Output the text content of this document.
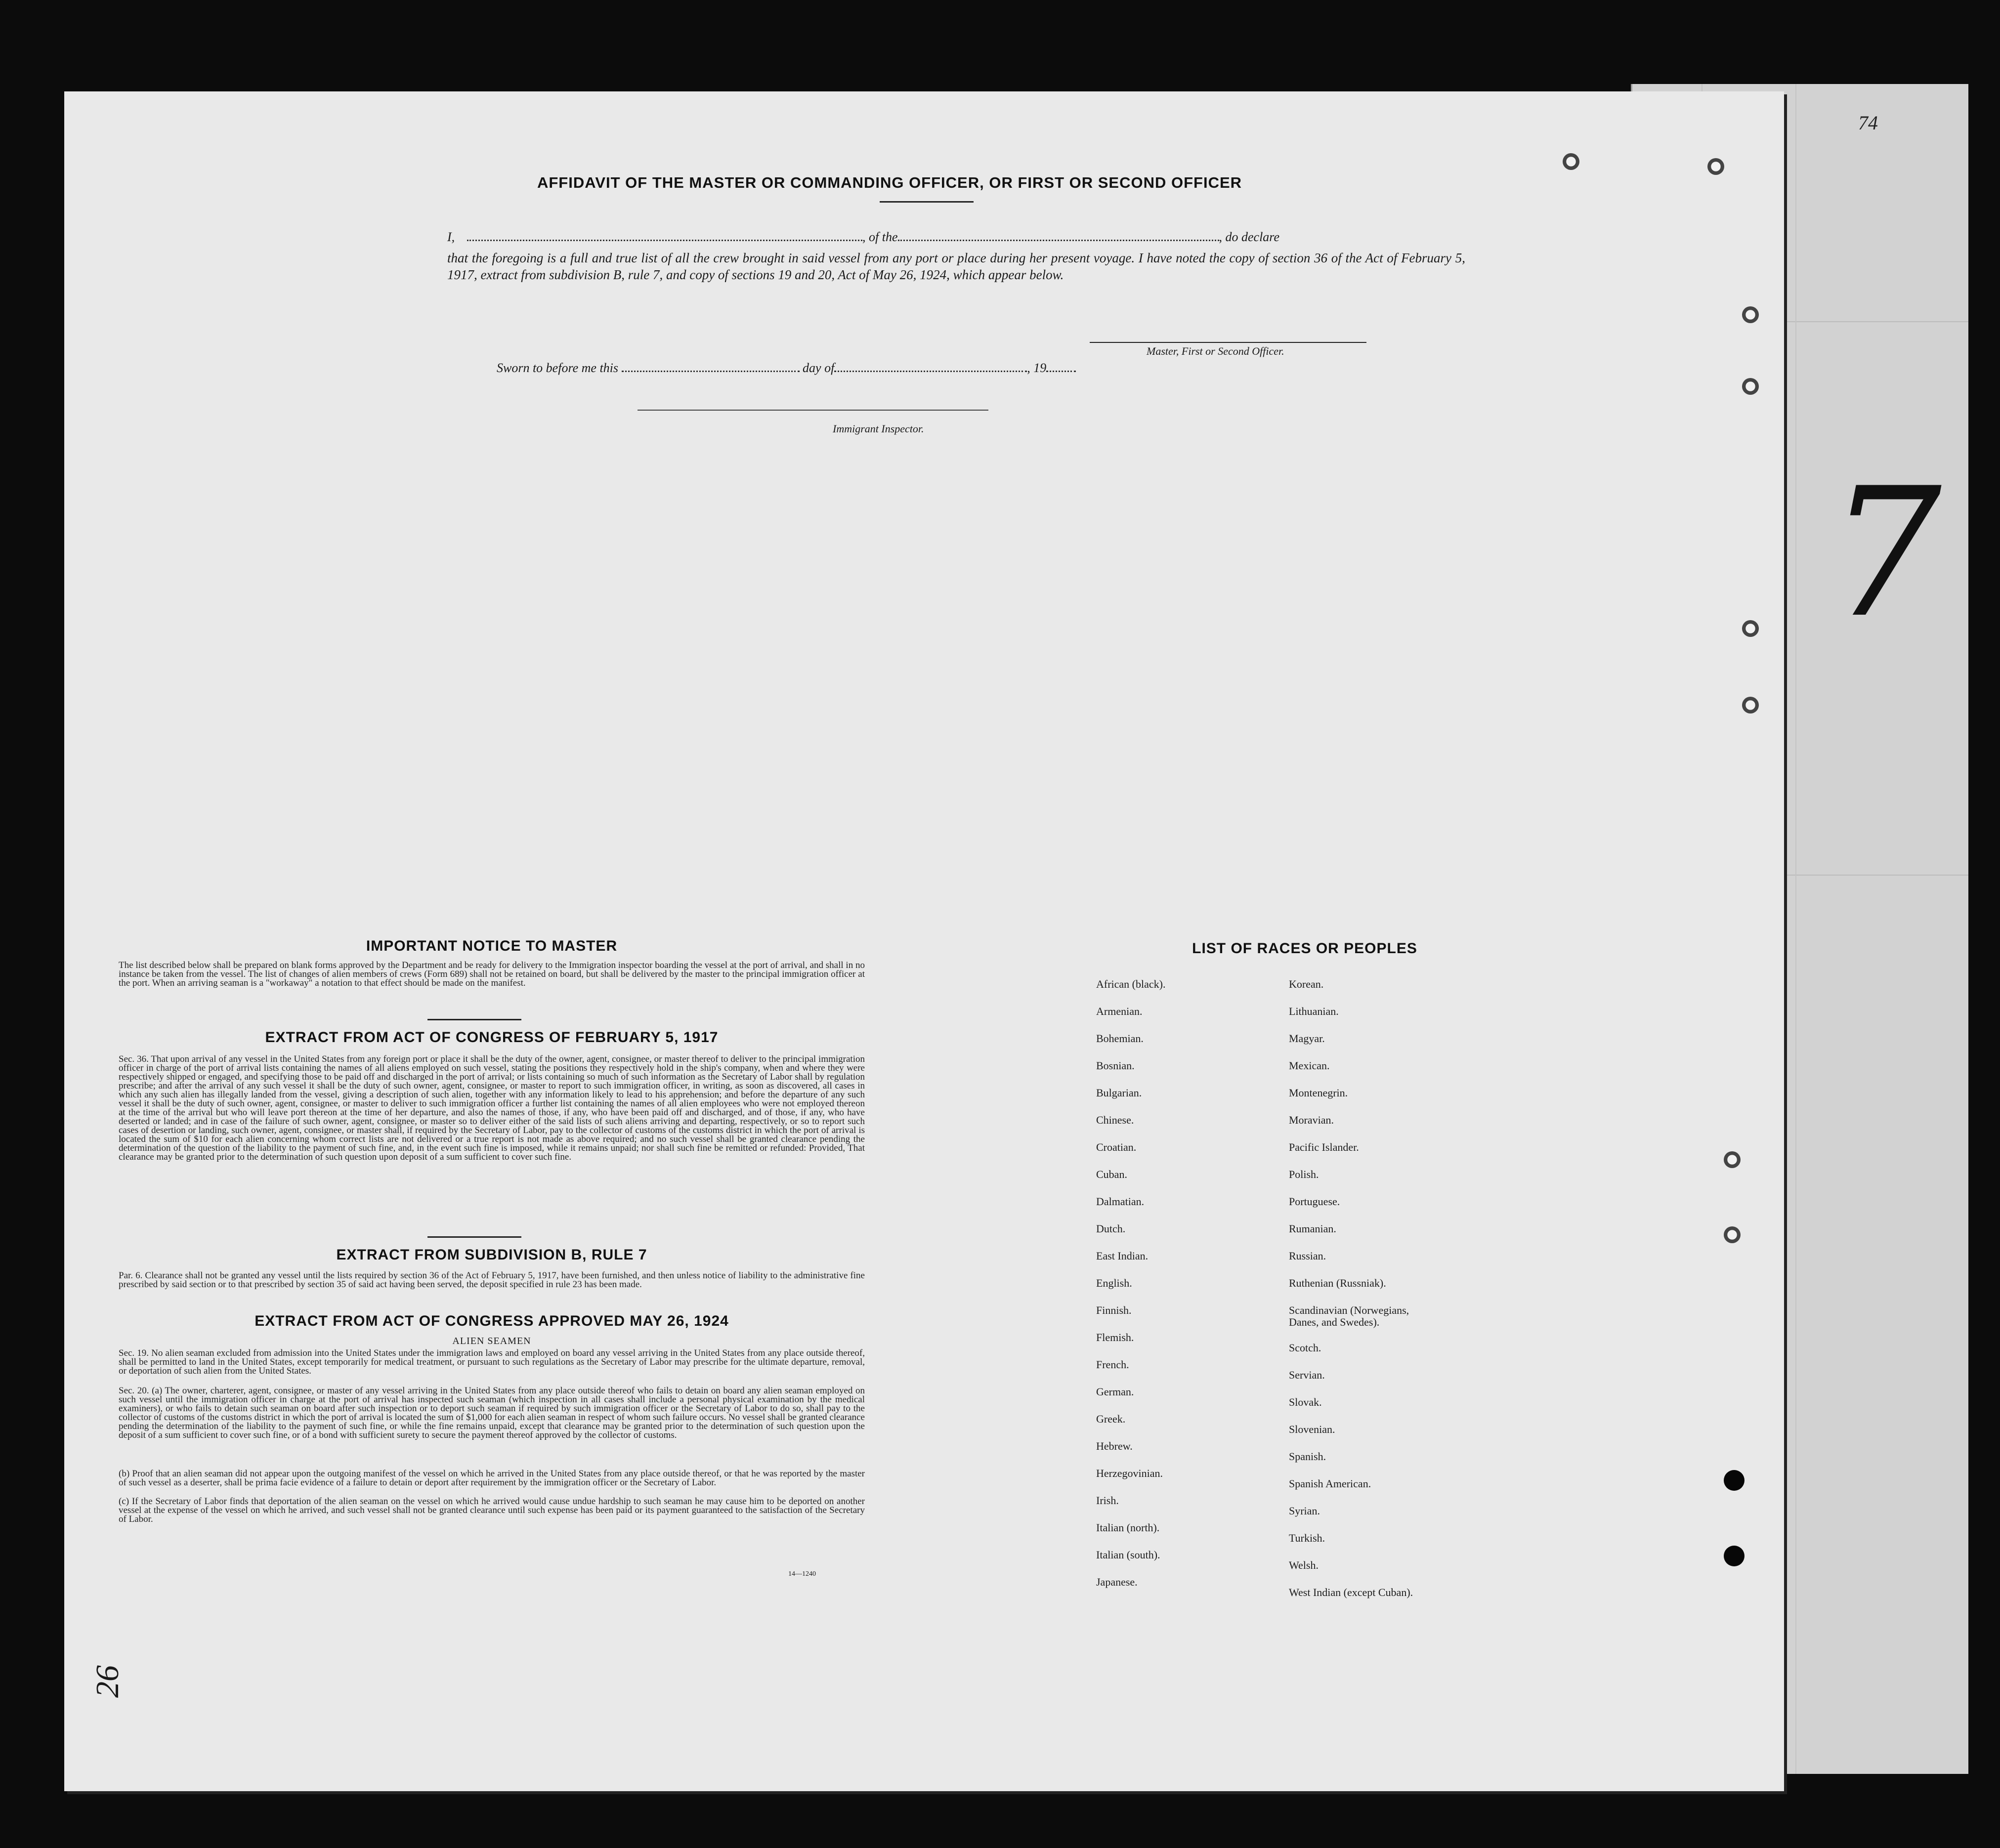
7
74

AFFIDAVIT OF THE MASTER OR COMMANDING OFFICER, OR FIRST OR SECOND OFFICER
I,	, of the	, do declare
that the foregoing is a full and true list of all the crew brought in said vessel from any port or place during her present voyage. I have noted the copy of section 36 of the Act of February 5, 1917, extract from subdivision B, rule 7, and copy of sections 19 and 20, Act of May 26, 1924, which appear below.
Master, First or Second Officer.
Sworn to before me this	day of	, 19
Immigrant Inspector.
IMPORTANT NOTICE TO MASTER
The list described below shall be prepared on blank forms approved by the Department and be ready for delivery to the Immigration inspector boarding the vessel at the port of arrival, and shall in no instance be taken from the vessel. The list of changes of alien members of crews (Form 689) shall not be retained on board, but shall be delivered by the master to the principal immigration officer at the port. When an arriving seaman is a "workaway" a notation to that effect should be made on the manifest.
EXTRACT FROM ACT OF CONGRESS OF FEBRUARY 5, 1917
Sec. 36. That upon arrival of any vessel in the United States from any foreign port or place it shall be the duty of the owner, agent, consignee, or master thereof to deliver to the principal immigration officer in charge of the port of arrival lists containing the names of all aliens employed on such vessel, stating the positions they respectively hold in the ship's company, when and where they were respectively shipped or engaged, and specifying those to be paid off and discharged in the port of arrival; or lists containing so much of such information as the Secretary of Labor shall by regulation prescribe; and after the arrival of any such vessel it shall be the duty of such owner, agent, consignee, or master to report to such immigration officer, in writing, as soon as discovered, all cases in which any such alien has illegally landed from the vessel, giving a description of such alien, together with any information likely to lead to his apprehension; and before the departure of any such vessel it shall be the duty of such owner, agent, consignee, or master to deliver to such immigration officer a further list containing the names of all alien employees who were not employed thereon at the time of the arrival but who will leave port thereon at the time of her departure, and also the names of those, if any, who have been paid off and discharged, and of those, if any, who have deserted or landed; and in case of the failure of such owner, agent, consignee, or master so to deliver either of the said lists of such aliens arriving and departing, respectively, or so to report such cases of desertion or landing, such owner, agent, consignee, or master shall, if required by the Secretary of Labor, pay to the collector of customs of the customs district in which the port of arrival is located the sum of $10 for each alien concerning whom correct lists are not delivered or a true report is not made as above required; and no such vessel shall be granted clearance pending the determination of the question of the liability to the payment of such fine, and, in the event such fine is imposed, while it remains unpaid; nor shall such fine be remitted or refunded: Provided, That clearance may be granted prior to the determination of such question upon deposit of a sum sufficient to cover such fine.
EXTRACT FROM SUBDIVISION B, RULE 7
Par. 6. Clearance shall not be granted any vessel until the lists required by section 36 of the Act of February 5, 1917, have been furnished, and then unless notice of liability to the administrative fine prescribed by said section or to that prescribed by section 35 of said act having been served, the deposit specified in rule 23 has been made.
EXTRACT FROM ACT OF CONGRESS APPROVED MAY 26, 1924
ALIEN SEAMEN
Sec. 19. No alien seaman excluded from admission into the United States under the immigration laws and employed on board any vessel arriving in the United States from any place outside thereof, shall be permitted to land in the United States, except temporarily for medical treatment, or pursuant to such regulations as the Secretary of Labor may prescribe for the ultimate departure, removal, or deportation of such alien from the United States.
Sec. 20. (a) The owner, charterer, agent, consignee, or master of any vessel arriving in the United States from any place outside thereof who fails to detain on board any alien seaman employed on such vessel until the immigration officer in charge at the port of arrival has inspected such seaman (which inspection in all cases shall include a personal physical examination by the medical examiners), or who fails to detain such seaman on board after such inspection or to deport such seaman if required by such immigration officer or the Secretary of Labor to do so, shall pay to the collector of customs of the customs district in which the port of arrival is located the sum of $1,000 for each alien seaman in respect of whom such failure occurs. No vessel shall be granted clearance pending the determination of the liability to the payment of such fine, or while the fine remains unpaid, except that clearance may be granted prior to the determination of such question upon the deposit of a sum sufficient to cover such fine, or of a bond with sufficient surety to secure the payment thereof approved by the collector of customs.
(b) Proof that an alien seaman did not appear upon the outgoing manifest of the vessel on which he arrived in the United States from any place outside thereof, or that he was reported by the master of such vessel as a deserter, shall be prima facie evidence of a failure to detain or deport after requirement by the immigration officer or the Secretary of Labor.
(c) If the Secretary of Labor finds that deportation of the alien seaman on the vessel on which he arrived would cause undue hardship to such seaman he may cause him to be deported on another vessel at the expense of the vessel on which he arrived, and such vessel shall not be granted clearance until such expense has been paid or its payment guaranteed to the satisfaction of the Secretary of Labor.
14—1240
LIST OF RACES OR PEOPLES
African (black).
Armenian.
Bohemian.
Bosnian.
Bulgarian.
Chinese.
Croatian.
Cuban.
Dalmatian.
Dutch.
East Indian.
English.
Finnish.
Flemish.
French.
German.
Greek.
Hebrew.
Herzegovinian.
Irish.
Italian (north).
Italian (south).
Japanese.
Korean.
Lithuanian.
Magyar.
Mexican.
Montenegrin.
Moravian.
Pacific Islander.
Polish.
Portuguese.
Rumanian.
Russian.
Ruthenian (Russniak).
Scandinavian (Norwegians,
Danes, and Swedes).
Scotch.
Servian.
Slovak.
Slovenian.
Spanish.
Spanish American.
Syrian.
Turkish.
Welsh.
West Indian (except Cuban).
26
